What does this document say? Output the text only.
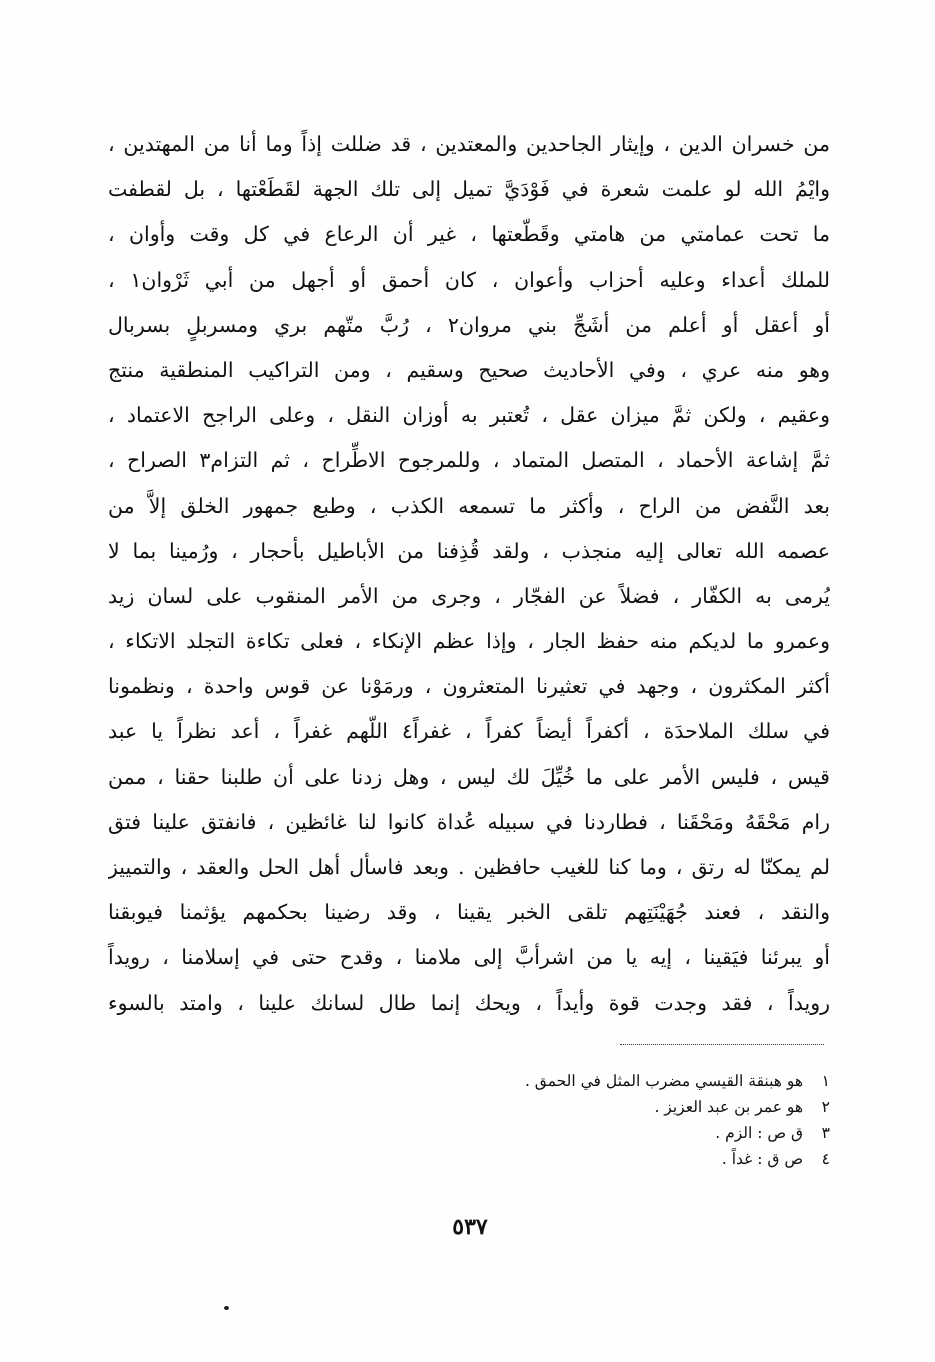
من خسران الدين ، وإيثار الجاحدين والمعتدين ، قد ضللت إذاً وما أنا من المهتدين ،
وايْمُ الله لو علمت شعرة في فَوْدَيَّ تميل إلى تلك الجهة لقَطَعْتها ، بل لقطفت
ما تحت عمامتي من هامتي وقَطّعتها ، غير أن الرعاع في كل وقت وأوان ،
للملك أعداء وعليه أحزاب وأعوان ، كان أحمق أو أجهل من أبي ثَرْوان١ ،
أو أعقل أو أعلم من أشَجِّ بني مروان٢ ، رُبَّ متّهم بري ومسربلٍ بسربال
وهو منه عري ، وفي الأحاديث صحيح وسقيم ، ومن التراكيب المنطقية منتج
وعقيم ، ولكن ثمَّ ميزان عقل ، تُعتبر به أوزان النقل ، وعلى الراجح الاعتماد ،
ثمَّ إشاعة الأحماد ، المتصل المتماد ، وللمرجوح الاطِّراح ، ثم التزام٣ الصراح ،
بعد النَّفض من الراح ، وأكثر ما تسمعه الكذب ، وطبع جمهور الخلق إلاَّ من
عصمه الله تعالى إليه منجذب ، ولقد قُذِفنا من الأباطيل بأحجار ، ورُمينا بما لا
يُرمى به الكفّار ، فضلاً عن الفجّار ، وجرى من الأمر المنقوب على لسان زيد
وعمرو ما لديكم منه حفظ الجار ، وإذا عظم الإنكاء ، فعلى تكاءة التجلد الاتكاء ،
أكثر المكثرون ، وجهد في تعثيرنا المتعثرون ، ورمَوْنا عن قوس واحدة ، ونظمونا
في سلك الملاحدَة ، أكفراً أيضاً كفراً ، غفراً٤ اللّهم غفراً ، أعد نظراً يا عبد
قيس ، فليس الأمر على ما خُيِّلَ لك ليس ، وهل زدنا على أن طلبنا حقنا ، ممن
رام مَحْقَهُ ومَحْقَنا ، فطاردنا في سبيله عُداة كانوا لنا غائظين ، فانفتق علينا فتق
لم يمكنّا له رتق ، وما كنا للغيب حافظين . وبعد فاسأل أهل الحل والعقد ، والتمييز
والنقد ، فعند جُهَيْنَتِهم تلقى الخبر يقينا ، وقد رضينا بحكمهم يؤثمنا فيوبقنا
أو يبرئنا فيَقينا ، إيه يا من اشرأبَّ إلى ملامنا ، وقدح حتى في إسلامنا ، رويداً
رويداً ، فقد وجدت قوة وأيداً ، ويحك إنما طال لسانك علينا ، وامتد بالسوء
١ هو هبنقة القيسي مضرب المثل في الحمق .
٢ هو عمر بن عبد العزيز .
٣ ق ص : الزم .
٤ ص ق : غداً .
٥٣٧
